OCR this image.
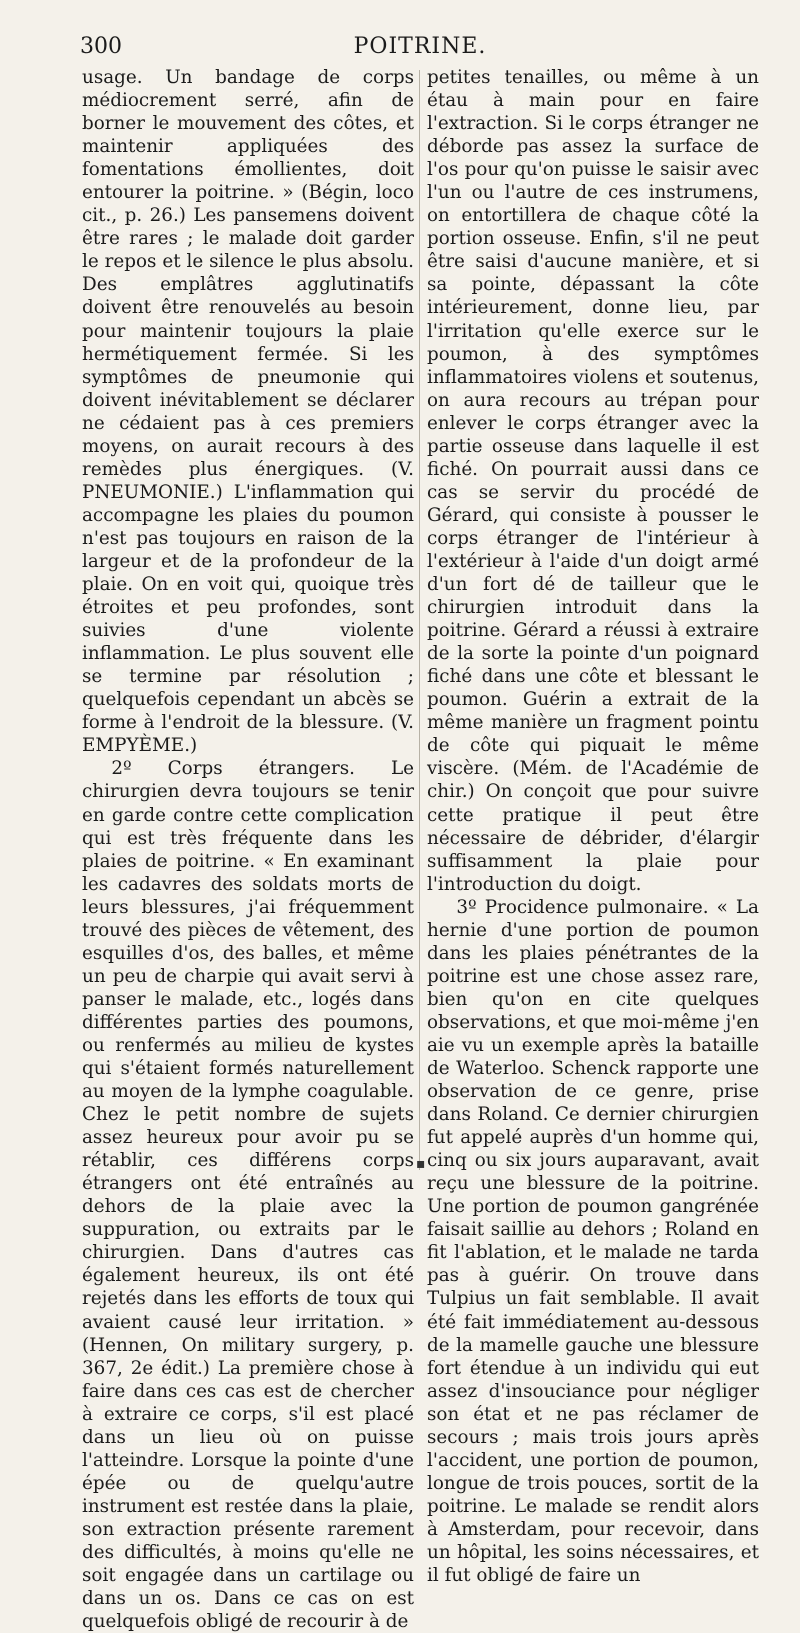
300	POITRINE.

usage. Un bandage de corps médiocrement serré, afin de borner le mouvement des côtes, et maintenir appliquées des fomentations émollientes, doit entourer la poitrine. » (Bégin, loco cit., p. 26.) Les pansemens doivent être rares ; le malade doit garder le repos et le silence le plus absolu. Des emplâtres agglutinatifs doivent être renouvelés au besoin pour maintenir toujours la plaie hermétiquement fermée. Si les symptômes de pneumonie qui doivent inévitablement se déclarer ne cédaient pas à ces premiers moyens, on aurait recours à des remèdes plus énergiques. (V. PNEUMONIE.) L'inflammation qui accompagne les plaies du poumon n'est pas toujours en raison de la largeur et de la profondeur de la plaie. On en voit qui, quoique très étroites et peu profondes, sont suivies d'une violente inflammation. Le plus souvent elle se termine par résolution ; quelquefois cependant un abcès se forme à l'endroit de la blessure. (V. EMPYÈME.)

2º Corps étrangers. Le chirurgien devra toujours se tenir en garde contre cette complication qui est très fréquente dans les plaies de poitrine. « En examinant les cadavres des soldats morts de leurs blessures, j'ai fréquemment trouvé des pièces de vêtement, des esquilles d'os, des balles, et même un peu de charpie qui avait servi à panser le malade, etc., logés dans différentes parties des poumons, ou renfermés au milieu de kystes qui s'étaient formés naturellement au moyen de la lymphe coagulable. Chez le petit nombre de sujets assez heureux pour avoir pu se rétablir, ces différens corps étrangers ont été entraînés au dehors de la plaie avec la suppuration, ou extraits par le chirurgien. Dans d'autres cas également heureux, ils ont été rejetés dans les efforts de toux qui avaient causé leur irritation. » (Hennen, On military surgery, p. 367, 2e édit.) La première chose à faire dans ces cas est de chercher à extraire ce corps, s'il est placé dans un lieu où on puisse l'atteindre. Lorsque la pointe d'une épée ou de quelqu'autre instrument est restée dans la plaie, son extraction présente rarement des difficultés, à moins qu'elle ne soit engagée dans un cartilage ou dans un os. Dans ce cas on est quelquefois obligé de recourir à de

petites tenailles, ou même à un étau à main pour en faire l'extraction. Si le corps étranger ne déborde pas assez la surface de l'os pour qu'on puisse le saisir avec l'un ou l'autre de ces instrumens, on entortillera de chaque côté la portion osseuse. Enfin, s'il ne peut être saisi d'aucune manière, et si sa pointe, dépassant la côte intérieurement, donne lieu, par l'irritation qu'elle exerce sur le poumon, à des symptômes inflammatoires violens et soutenus, on aura recours au trépan pour enlever le corps étranger avec la partie osseuse dans laquelle il est fiché. On pourrait aussi dans ce cas se servir du procédé de Gérard, qui consiste à pousser le corps étranger de l'intérieur à l'extérieur à l'aide d'un doigt armé d'un fort dé de tailleur que le chirurgien introduit dans la poitrine. Gérard a réussi à extraire de la sorte la pointe d'un poignard fiché dans une côte et blessant le poumon. Guérin a extrait de la même manière un fragment pointu de côte qui piquait le même viscère. (Mém. de l'Académie de chir.) On conçoit que pour suivre cette pratique il peut être nécessaire de débrider, d'élargir suffisamment la plaie pour l'introduction du doigt.

3º Procidence pulmonaire. « La hernie d'une portion de poumon dans les plaies pénétrantes de la poitrine est une chose assez rare, bien qu'on en cite quelques observations, et que moi-même j'en aie vu un exemple après la bataille de Waterloo. Schenck rapporte une observation de ce genre, prise dans Roland. Ce dernier chirurgien fut appelé auprès d'un homme qui, cinq ou six jours auparavant, avait reçu une blessure de la poitrine. Une portion de poumon gangrénée faisait saillie au dehors ; Roland en fit l'ablation, et le malade ne tarda pas à guérir. On trouve dans Tulpius un fait semblable. Il avait été fait immédiatement au-dessous de la mamelle gauche une blessure fort étendue à un individu qui eut assez d'insouciance pour négliger son état et ne pas réclamer de secours ; mais trois jours après l'accident, une portion de poumon, longue de trois pouces, sortit de la poitrine. Le malade se rendit alors à Amsterdam, pour recevoir, dans un hôpital, les soins nécessaires, et il fut obligé de faire un

▪
